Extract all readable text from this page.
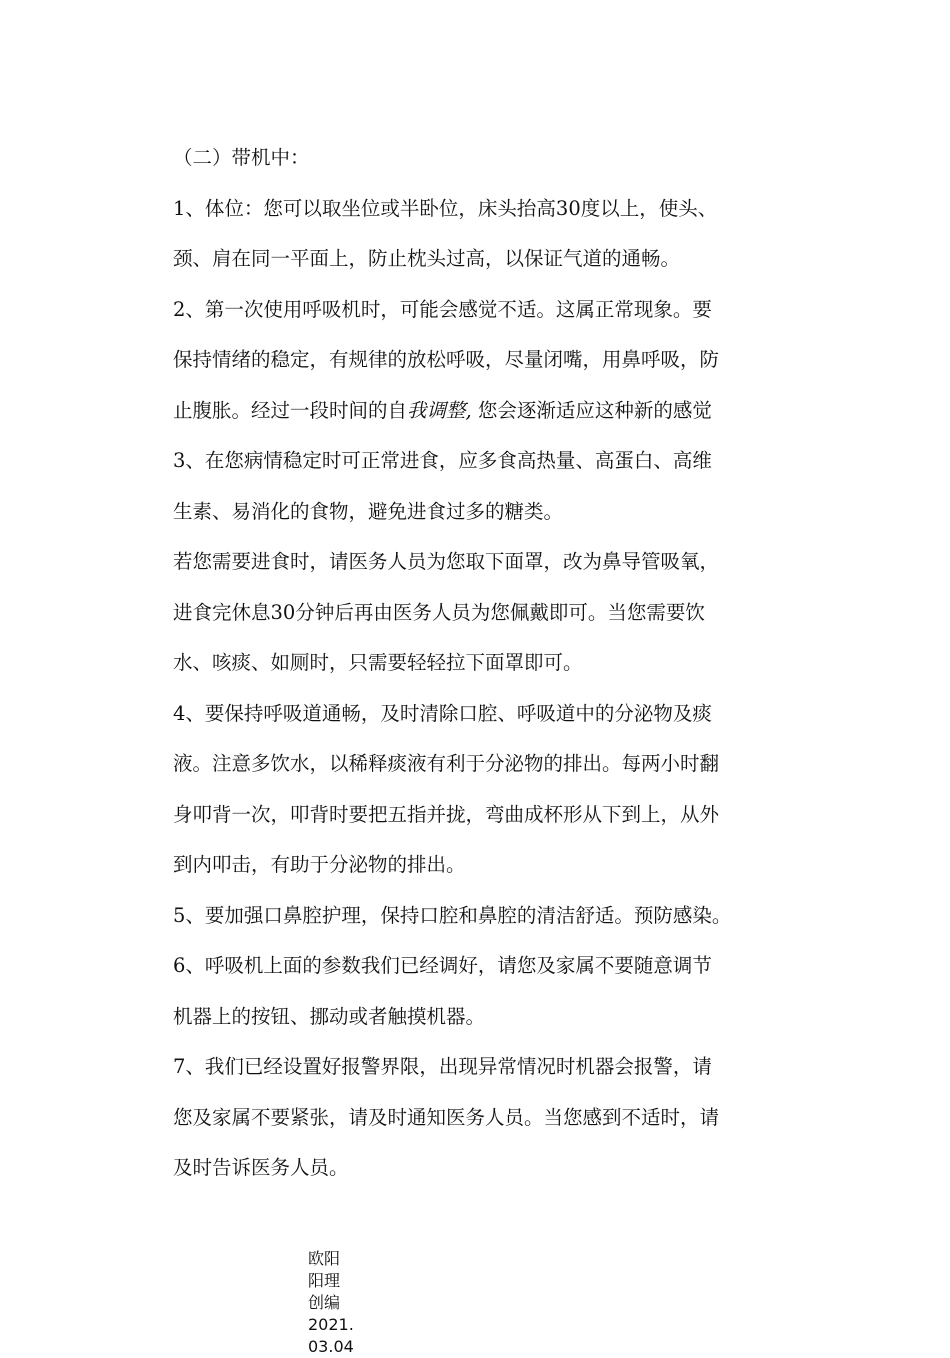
（二）带机中：
1、体位：您可以取坐位或半卧位，床头抬高30度以上，使头、
颈、肩在同一平面上，防止枕头过高，以保证气道的通畅。
2、第一次使用呼吸机时，可能会感觉不适。这属正常现象。要
保持情绪的稳定，有规律的放松呼吸，尽量闭嘴，用鼻呼吸，防
止腹胀。经过一段时间的自我调整, 您会逐渐适应这种新的感觉
3、在您病情稳定时可正常进食，应多食高热量、高蛋白、高维
生素、易消化的食物，避免进食过多的糖类。
若您需要进食时，请医务人员为您取下面罩，改为鼻导管吸氧，
进食完休息30分钟后再由医务人员为您佩戴即可。当您需要饮
水、咳痰、如厕时，只需要轻轻拉下面罩即可。
4、要保持呼吸道通畅，及时清除口腔、呼吸道中的分泌物及痰
液。注意多饮水，以稀释痰液有利于分泌物的排出。每两小时翻
身叩背一次，叩背时要把五指并拢，弯曲成杯形从下到上，从外
到内叩击，有助于分泌物的排出。
5、要加强口鼻腔护理，保持口腔和鼻腔的清洁舒适。预防感染。
6、呼吸机上面的参数我们已经调好，请您及家属不要随意调节
机器上的按钮、挪动或者触摸机器。
7、我们已经设置好报警界限，出现异常情况时机器会报警，请
您及家属不要紧张，请及时通知医务人员。当您感到不适时，请
及时告诉医务人员。
欧阳
阳理
创编
2021.
03.04
